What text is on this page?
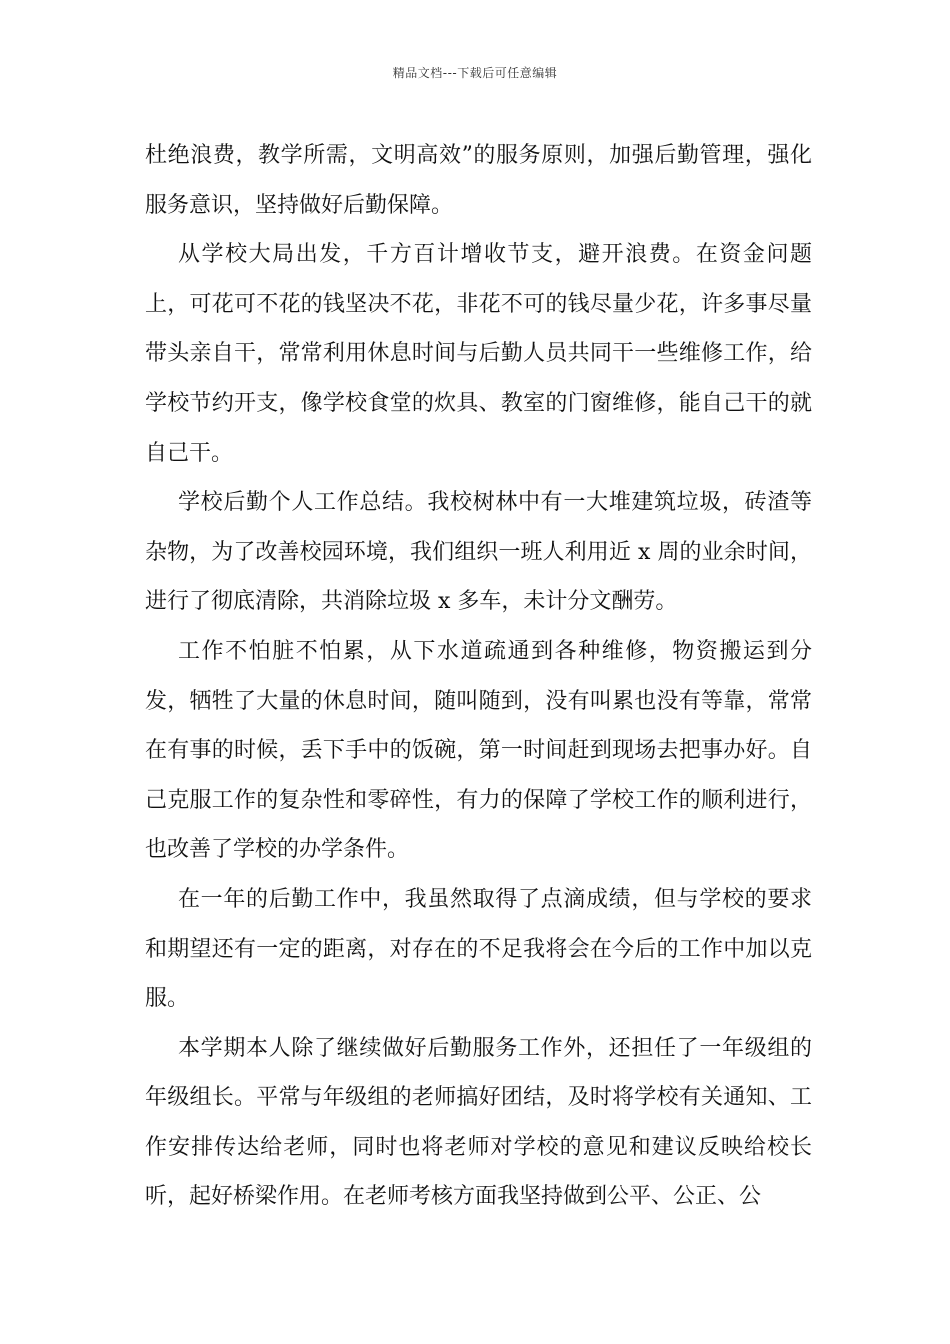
精品文档---下载后可任意编辑

杜绝浪费，教学所需，文明高效”的服务原则，加强后勤管理，强化服务意识，坚持做好后勤保障。

从学校大局出发，千方百计增收节支，避开浪费。在资金问题上，可花可不花的钱坚决不花，非花不可的钱尽量少花，许多事尽量带头亲自干，常常利用休息时间与后勤人员共同干一些维修工作，给学校节约开支，像学校食堂的炊具、教室的门窗维修，能自己干的就自己干。

学校后勤个人工作总结。我校树林中有一大堆建筑垃圾，砖渣等杂物，为了改善校园环境，我们组织一班人利用近 x 周的业余时间，进行了彻底清除，共消除垃圾 x 多车，未计分文酬劳。

工作不怕脏不怕累，从下水道疏通到各种维修，物资搬运到分发，牺牲了大量的休息时间，随叫随到，没有叫累也没有等靠，常常在有事的时候，丢下手中的饭碗，第一时间赶到现场去把事办好。自己克服工作的复杂性和零碎性，有力的保障了学校工作的顺利进行，也改善了学校的办学条件。

在一年的后勤工作中，我虽然取得了点滴成绩，但与学校的要求和期望还有一定的距离，对存在的不足我将会在今后的工作中加以克服。

本学期本人除了继续做好后勤服务工作外，还担任了一年级组的年级组长。平常与年级组的老师搞好团结，及时将学校有关通知、工作安排传达给老师，同时也将老师对学校的意见和建议反映给校长听，起好桥梁作用。在老师考核方面我坚持做到公平、公正、公
